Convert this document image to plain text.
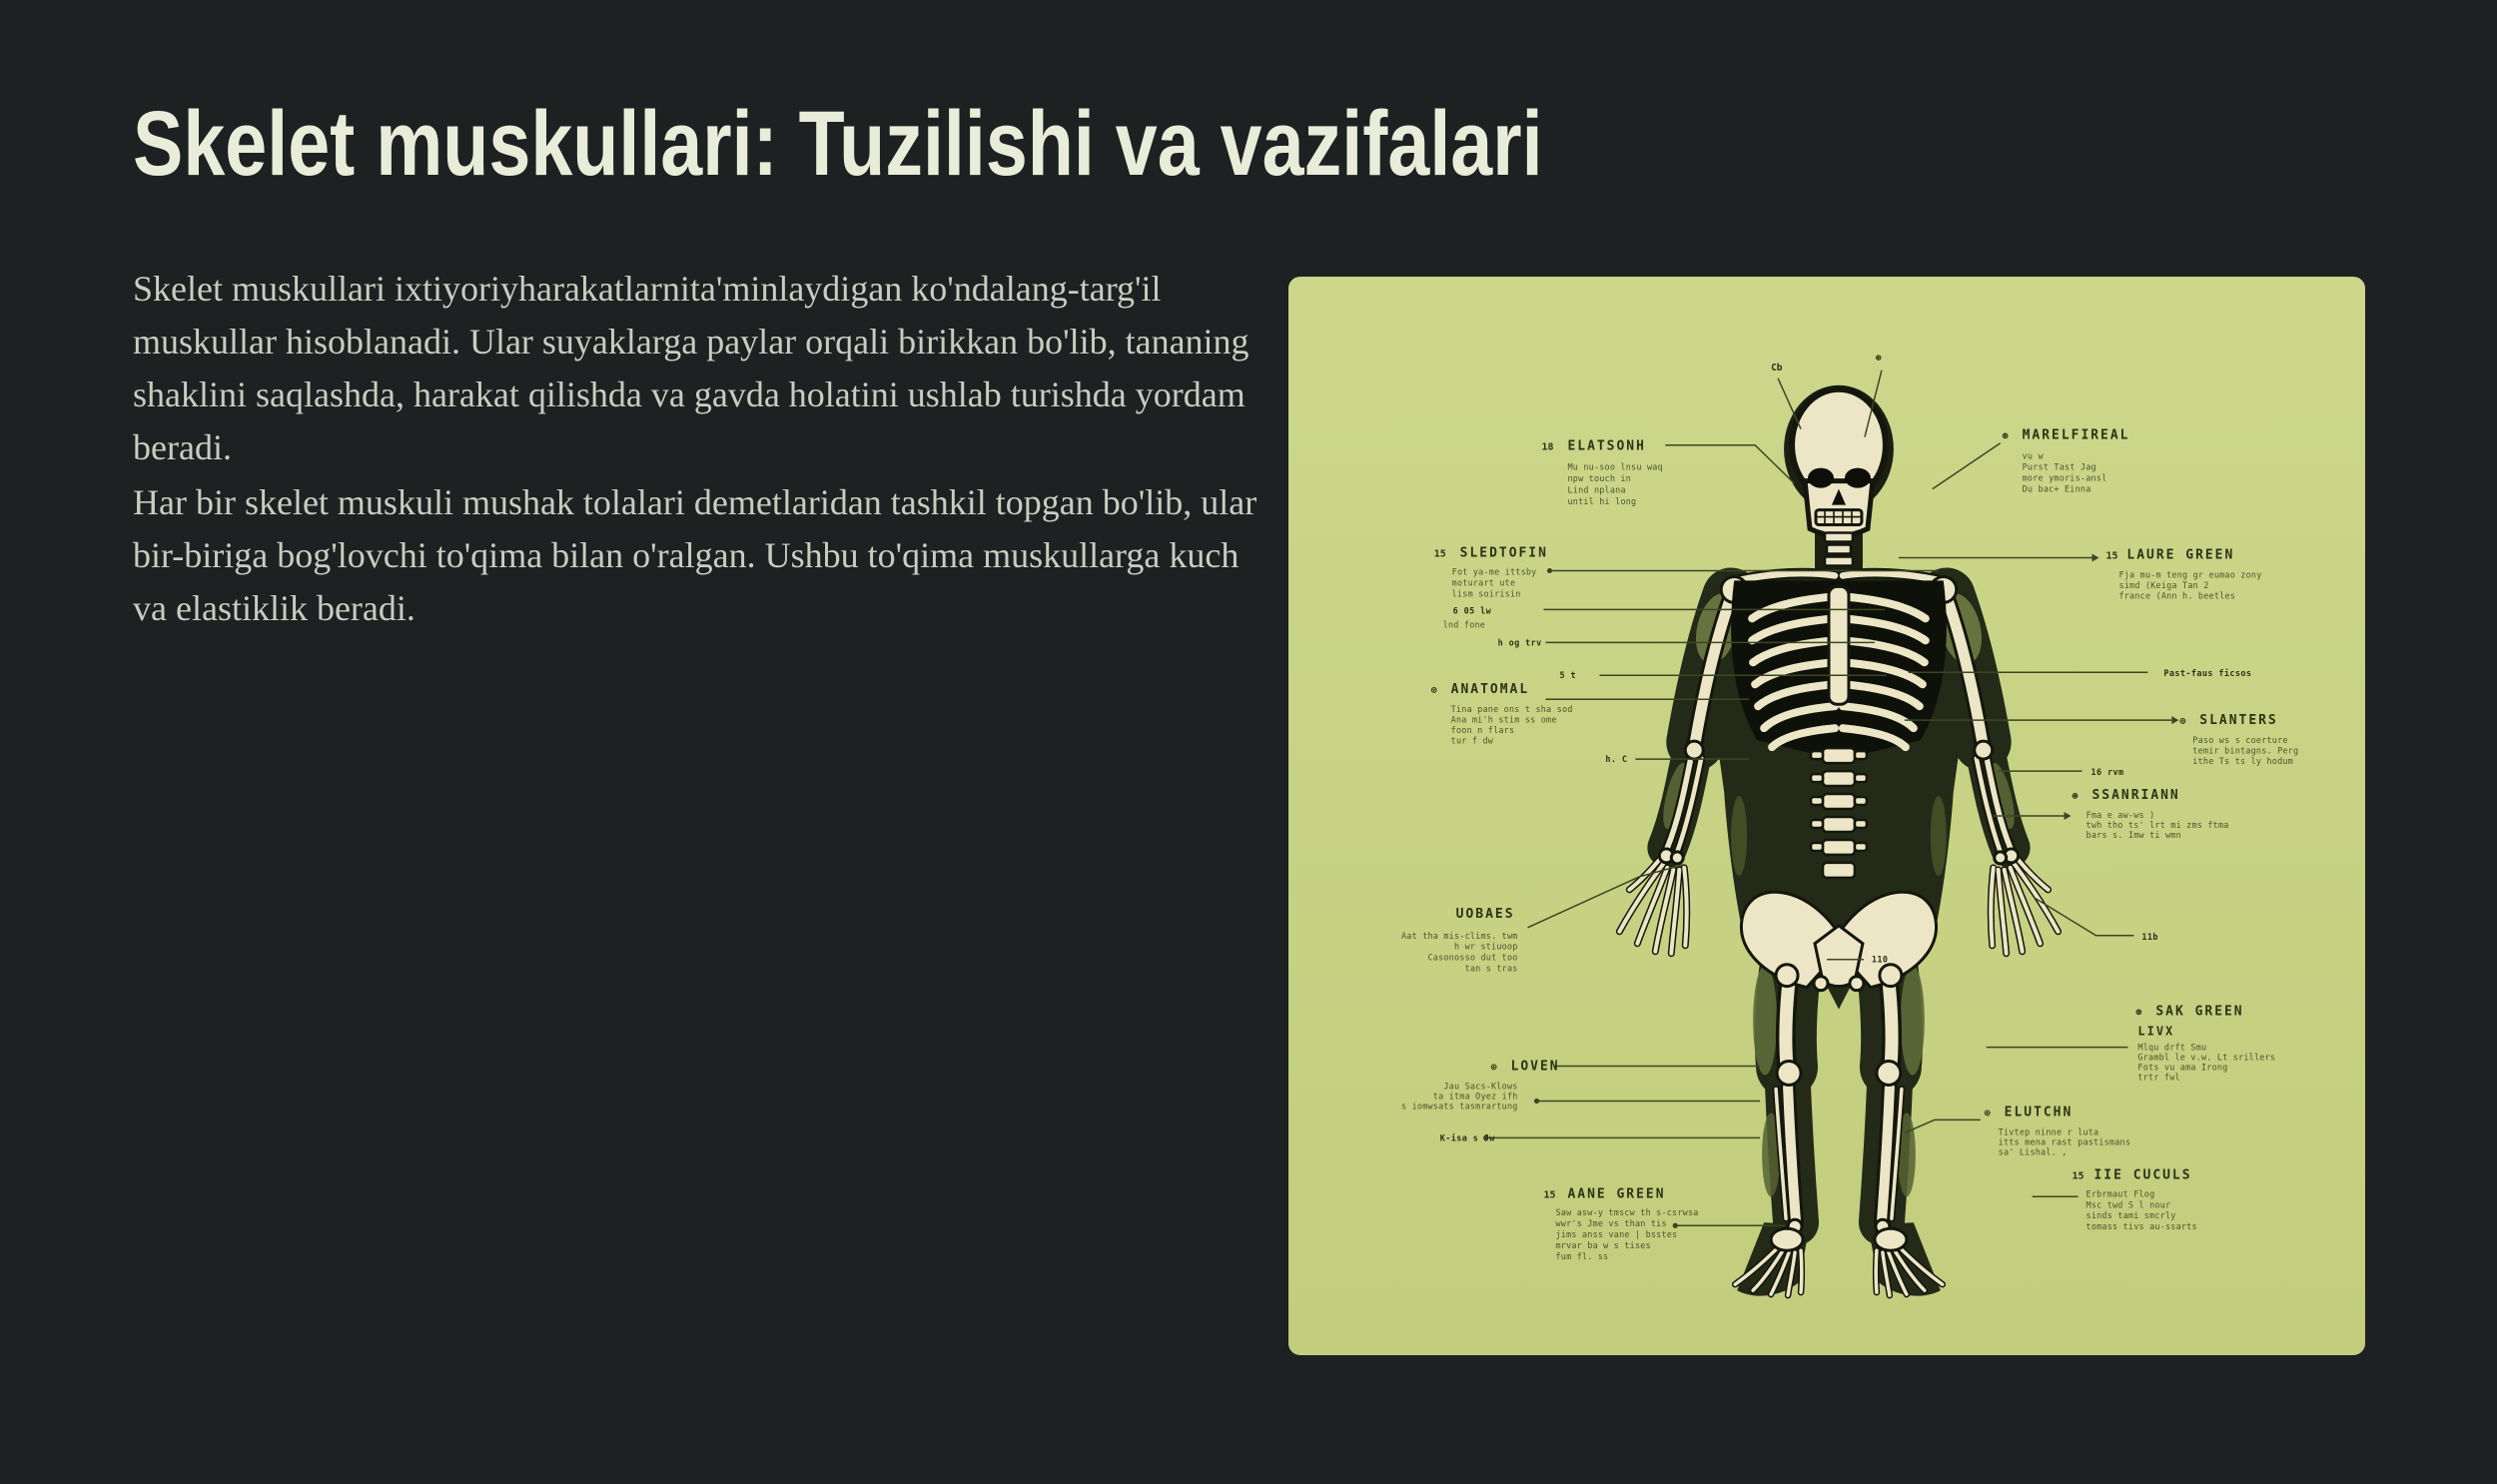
Skelet muskullari: Tuzilishi va vazifalari

Skelet muskullari ixtiyoriyharakatlarnita'minlaydigan ko'ndalang-targ'il muskullar hisoblanadi. Ular suyaklarga paylar orqali birikkan bo'lib, tananing shaklini saqlashda, harakat qilishda va gavda holatini ushlab turishda yordam beradi.

Har bir skelet muskuli mushak tolalari demetlaridan tashkil topgan bo'lib, ular bir-biriga bog'lovchi to'qima bilan o'ralgan. Ushbu to'qima muskullarga kuch va elastiklik beradi.

18 ELATSONH
Mu nu-soo lnsu waq
npw touch in
Lind nplana
until hi long
15 SLEDTOFIN
Fot ya-me ittsby
moturart ute
lism soirisin
6 05 lw
lnd fone
h og trv
5 t
⊕ ANATOMAL
Tina pane ons t sha sod
Ana mi'h stim ss ome
foon n flars
tur f dw
h. C
UOBAES
Aat tha mis-clims. twm
h wr stiuoop
Casonosso dut too
tan s tras
⊕ LOVEN
Jau Sacs-Klows
ta itma Oyez ifh
s iomwsats tasmrartung
K-isa s Jw
15 AANE GREEN
Saw asw-y tmscw th s-csrwsa
wwr's Jme vs than tis
jims anss vane | bsstes
mrvar ba w s tises
fum fl. ss
⊛ MARELFIREAL
vu w
Purst Tast Jag
more ymoris-ansl
Du bac+ Einna
15 LAURE GREEN
Fja mu-m teng gr eumao zony
simd (Keiga Tan 2
france (Ann h. beetles
Past-faus ficsos
⊕ SLANTERS
Paso ws s coerture
temir bintagns. Perg
ithe Ts ts ly hodum
16 rvm
⊛ SSANRIANN
Fma e aw-ws )
twh tho ts' lrt mi zms ftma
bars s. Imw ti wmn
11b
110
⊛ SAK GREEN
LIVX
Mlqu drft Smu
Grambl le v.w. Lt srillers
Fots vu ama Irong
trtr fwl
⊕ ELUTCHN
Tivtep ninne r luta
itts mena rast pastismans
sa' Lishal. ,
15 IIE CUCULS
Erbrmaut Flog
Msc twd S l nour
sinds tami smcrly
tomass tivs au-ssarts
Cb
⊛
